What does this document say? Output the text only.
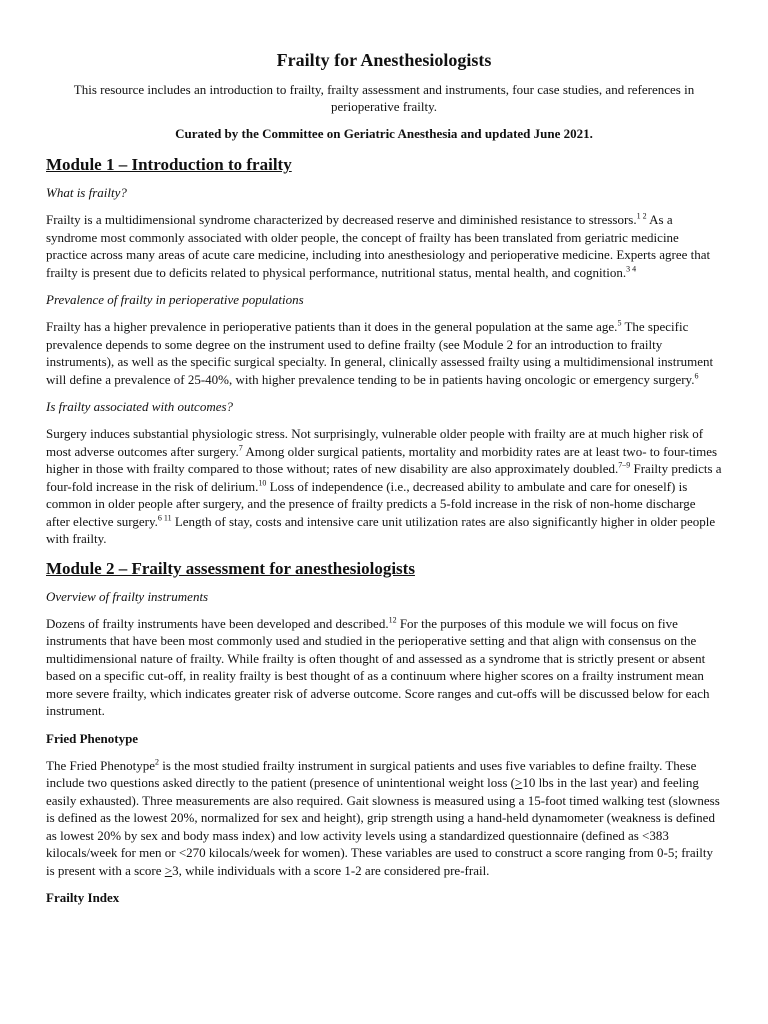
Frailty for Anesthesiologists

This resource includes an introduction to frailty, frailty assessment and instruments, four case studies, and references in perioperative frailty.

Curated by the Committee on Geriatric Anesthesia and updated June 2021.

Module 1 – Introduction to frailty

What is frailty?

Frailty is a multidimensional syndrome characterized by decreased reserve and diminished resistance to stressors.$^{1 2}$ As a syndrome most commonly associated with older people, the concept of frailty has been translated from geriatric medicine practice across many areas of acute care medicine, including into anesthesiology and perioperative medicine. Experts agree that frailty is present due to deficits related to physical performance, nutritional status, mental health, and cognition.$^{3 4}$

Prevalence of frailty in perioperative populations

Frailty has a higher prevalence in perioperative patients than it does in the general population at the same age.$^5$ The specific prevalence depends to some degree on the instrument used to define frailty (see Module 2 for an introduction to frailty instruments), as well as the specific surgical specialty. In general, clinically assessed frailty using a multidimensional instrument will define a prevalence of 25-40%, with higher prevalence tending to be in patients having oncologic or emergency surgery.$^6$

Is frailty associated with outcomes?

Surgery induces substantial physiologic stress. Not surprisingly, vulnerable older people with frailty are at much higher risk of most adverse outcomes after surgery.$^7$ Among older surgical patients, mortality and morbidity rates are at least two- to four-times higher in those with frailty compared to those without; rates of new disability are also approximately doubled.$^{7-9}$ Frailty predicts a four-fold increase in the risk of delirium.$^{10}$ Loss of independence (i.e., decreased ability to ambulate and care for oneself) is common in older people after surgery, and the presence of frailty predicts a 5-fold increase in the risk of non-home discharge after elective surgery.$^{6 11}$ Length of stay, costs and intensive care unit utilization rates are also significantly higher in older people with frailty.

Module 2 – Frailty assessment for anesthesiologists

Overview of frailty instruments

Dozens of frailty instruments have been developed and described.$^{12}$ For the purposes of this module we will focus on five instruments that have been most commonly used and studied in the perioperative setting and that align with consensus on the multidimensional nature of frailty. While frailty is often thought of and assessed as a syndrome that is strictly present or absent based on a specific cut-off, in reality frailty is best thought of as a continuum where higher scores on a frailty instrument mean more severe frailty, which indicates greater risk of adverse outcome. Score ranges and cut-offs will be discussed below for each instrument.

Fried Phenotype

The Fried Phenotype$^2$ is the most studied frailty instrument in surgical patients and uses five variables to define frailty. These include two questions asked directly to the patient (presence of unintentional weight loss (≥10 lbs in the last year) and feeling easily exhausted). Three measurements are also required. Gait slowness is measured using a 15-foot timed walking test (slowness is defined as the lowest 20%, normalized for sex and height), grip strength using a hand-held dynamometer (weakness is defined as lowest 20% by sex and body mass index) and low activity levels using a standardized questionnaire (defined as <383 kilocals/week for men or <270 kilocals/week for women). These variables are used to construct a score ranging from 0-5; frailty is present with a score ≥3, while individuals with a score 1-2 are considered pre-frail.

Frailty Index
